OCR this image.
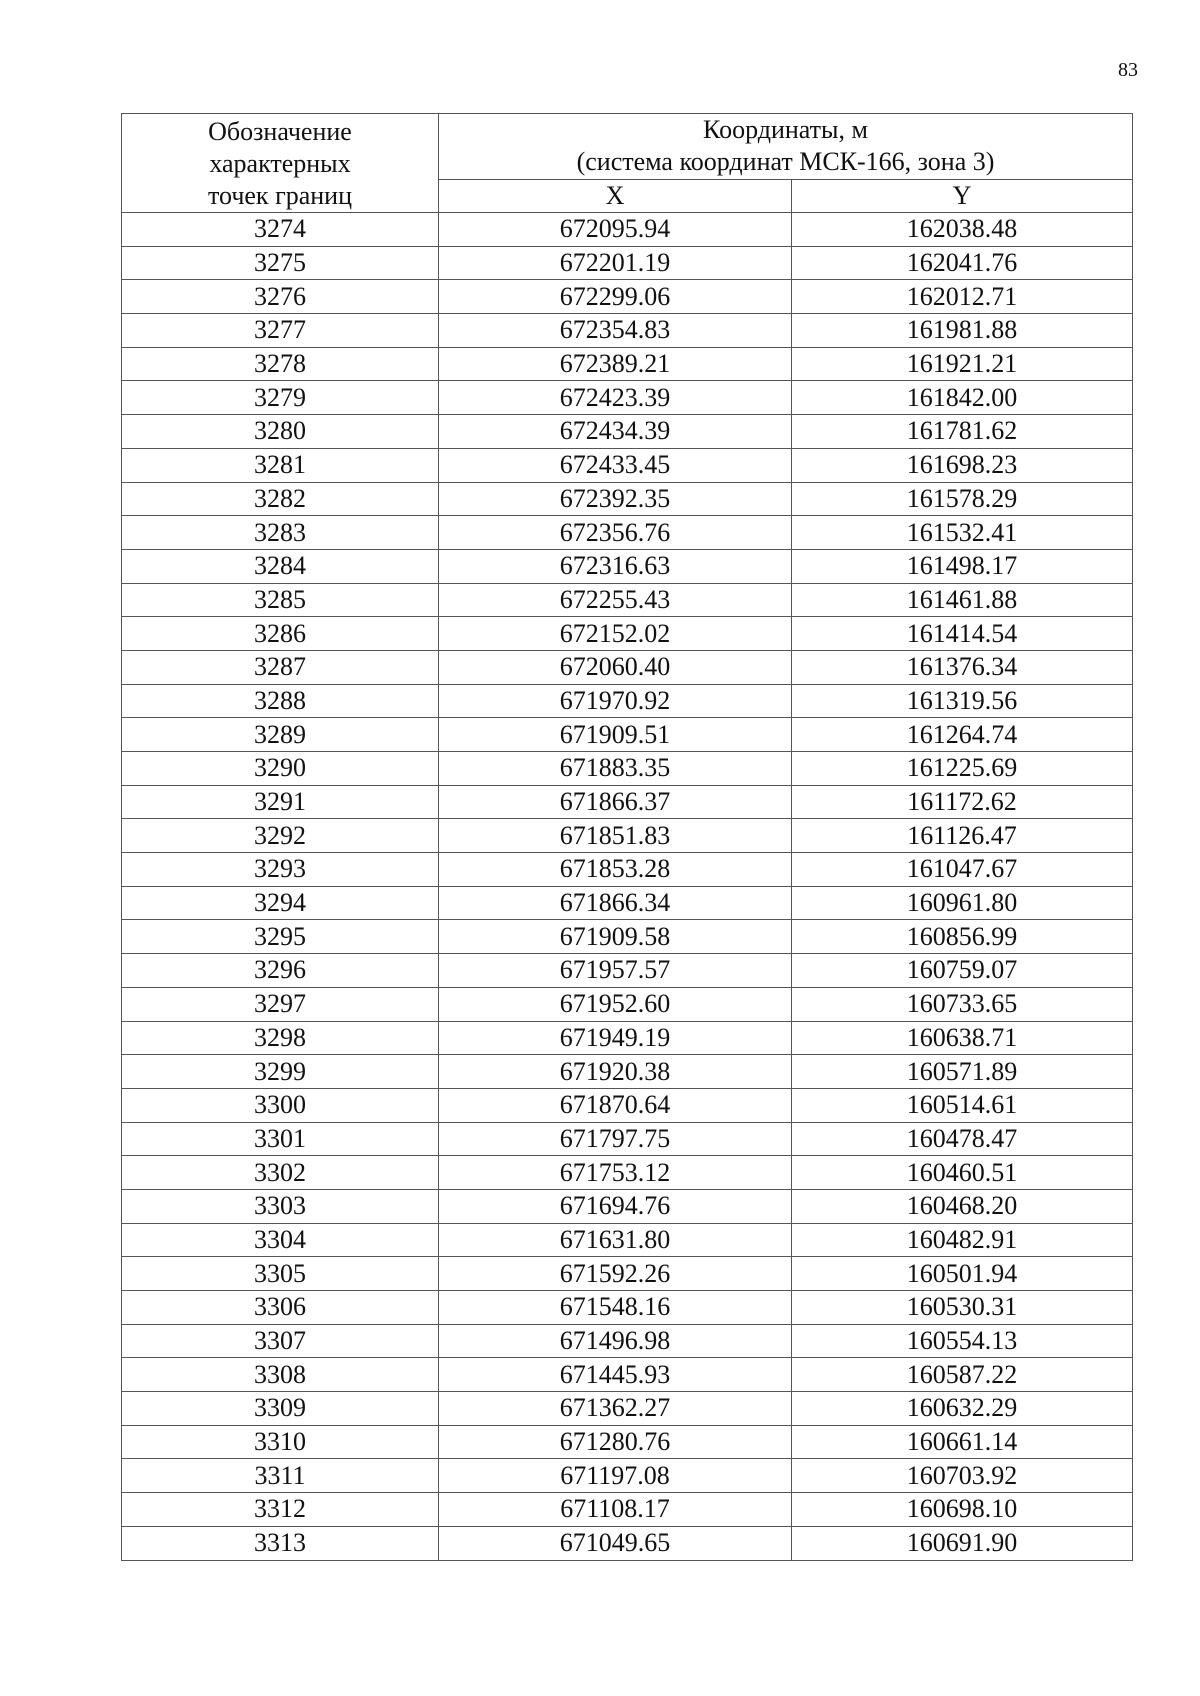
83
Обозначение
характерных
точек границ	Координаты, м
(система координат МСК-166, зона 3)	

	X	Y
3274	672095.94	162038.48
3275	672201.19	162041.76
3276	672299.06	162012.71
3277	672354.83	161981.88
3278	672389.21	161921.21
3279	672423.39	161842.00
3280	672434.39	161781.62
3281	672433.45	161698.23
3282	672392.35	161578.29
3283	672356.76	161532.41
3284	672316.63	161498.17
3285	672255.43	161461.88
3286	672152.02	161414.54
3287	672060.40	161376.34
3288	671970.92	161319.56
3289	671909.51	161264.74
3290	671883.35	161225.69
3291	671866.37	161172.62
3292	671851.83	161126.47
3293	671853.28	161047.67
3294	671866.34	160961.80
3295	671909.58	160856.99
3296	671957.57	160759.07
3297	671952.60	160733.65
3298	671949.19	160638.71
3299	671920.38	160571.89
3300	671870.64	160514.61
3301	671797.75	160478.47
3302	671753.12	160460.51
3303	671694.76	160468.20
3304	671631.80	160482.91
3305	671592.26	160501.94
3306	671548.16	160530.31
3307	671496.98	160554.13
3308	671445.93	160587.22
3309	671362.27	160632.29
3310	671280.76	160661.14
3311	671197.08	160703.92
3312	671108.17	160698.10
3313	671049.65	160691.90
